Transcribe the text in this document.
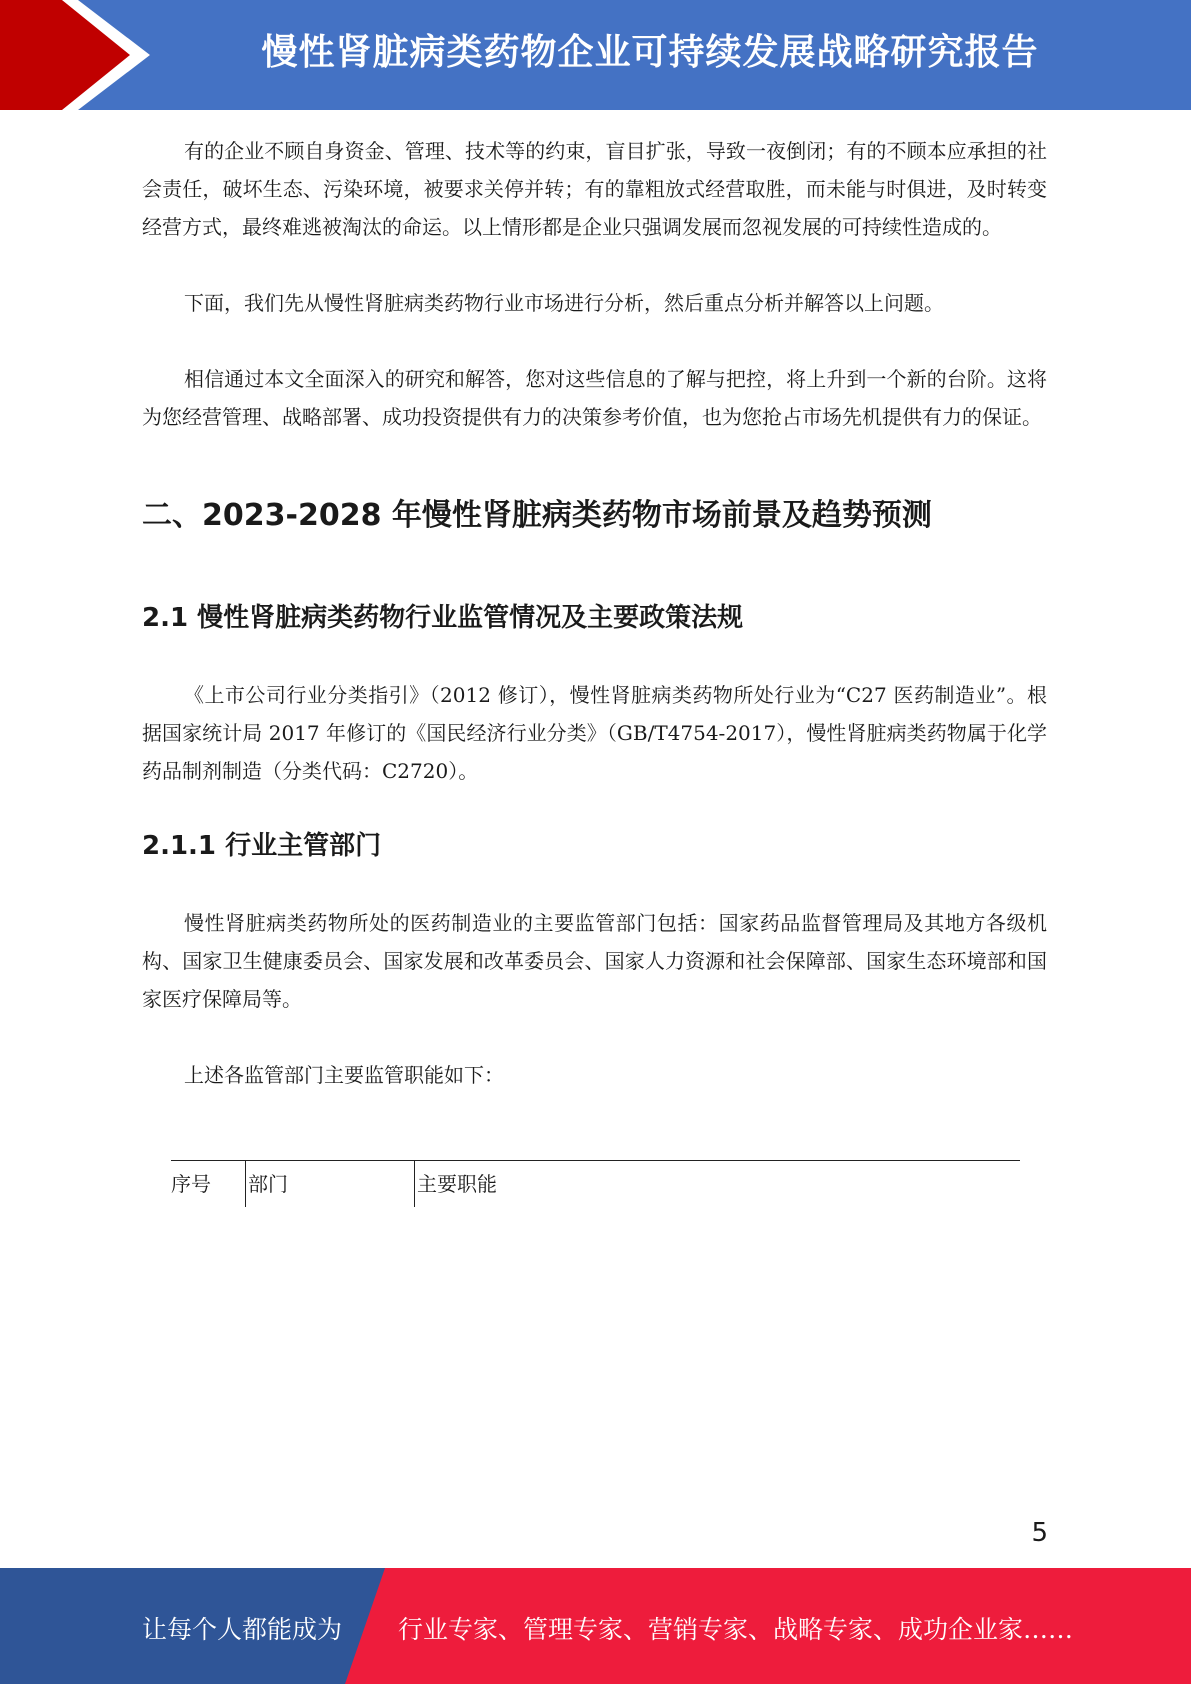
慢性肾脏病类药物企业可持续发展战略研究报告

有的企业不顾自身资金、管理、技术等的约束，盲目扩张，导致一夜倒闭；有的不顾本应承担的社会责任，破坏生态、污染环境，被要求关停并转；有的靠粗放式经营取胜，而未能与时俱进，及时转变经营方式，最终难逃被淘汰的命运。以上情形都是企业只强调发展而忽视发展的可持续性造成的。

下面，我们先从慢性肾脏病类药物行业市场进行分析，然后重点分析并解答以上问题。

相信通过本文全面深入的研究和解答，您对这些信息的了解与把控，将上升到一个新的台阶。这将为您经营管理、战略部署、成功投资提供有力的决策参考价值，也为您抢占市场先机提供有力的保证。

二、2023-2028 年慢性肾脏病类药物市场前景及趋势预测
2.1 慢性肾脏病类药物行业监管情况及主要政策法规

《上市公司行业分类指引》（2012 修订），慢性肾脏病类药物所处行业为“C27 医药制造业”。根据国家统计局 2017 年修订的《国民经济行业分类》（GB/T4754-2017），慢性肾脏病类药物属于化学药品制剂制造（分类代码：C2720）。

2.1.1 行业主管部门

慢性肾脏病类药物所处的医药制造业的主要监管部门包括：国家药品监督管理局及其地方各级机构、国家卫生健康委员会、国家发展和改革委员会、国家人力资源和社会保障部、国家生态环境部和国家医疗保障局等。

上述各监管部门主要监管职能如下：

序号	部门	主要职能
5
让每个人都能成为 行业专家、管理专家、营销专家、战略专家、成功企业家……
